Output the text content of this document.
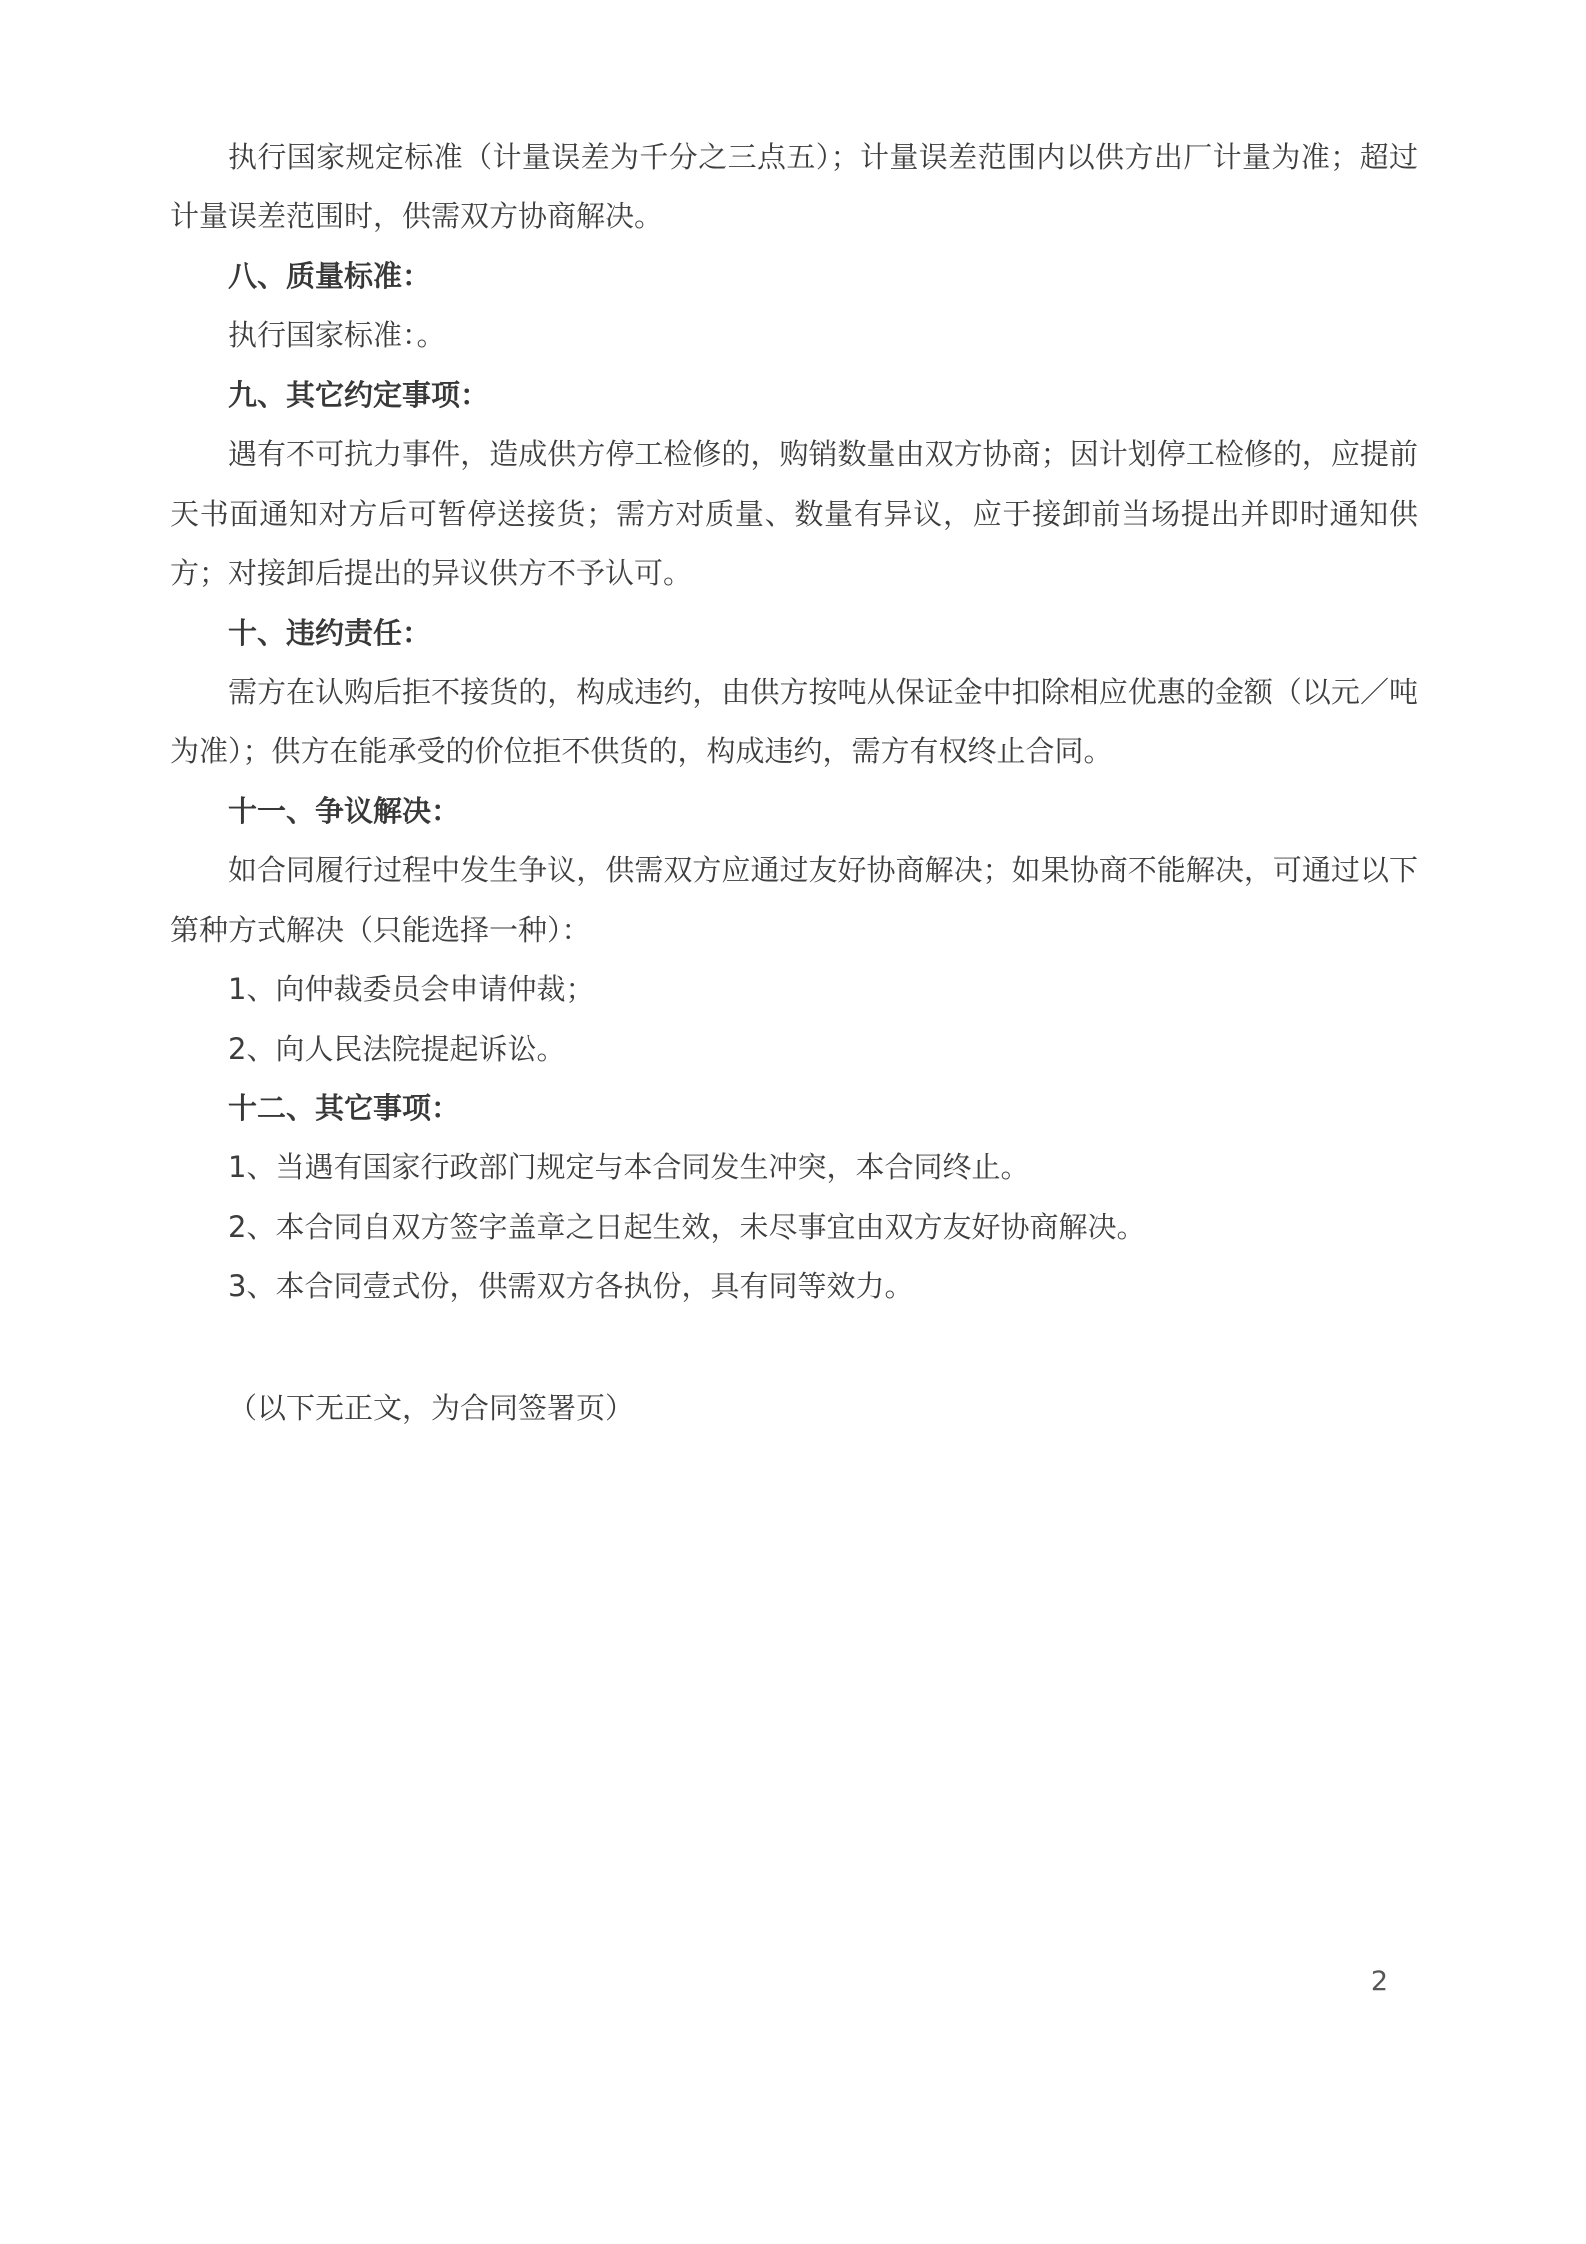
执行国家规定标准（计量误差为千分之三点五）；计量误差范围内以供方出厂计量为准；超过计量误差范围时，供需双方协商解决。

八、质量标准：

执行国家标准：。

九、其它约定事项：

遇有不可抗力事件，造成供方停工检修的，购销数量由双方协商；因计划停工检修的，应提前天书面通知对方后可暂停送接货；需方对质量、数量有异议，应于接卸前当场提出并即时通知供方；对接卸后提出的异议供方不予认可。

十、违约责任：

需方在认购后拒不接货的，构成违约，由供方按吨从保证金中扣除相应优惠的金额（以元／吨为准）；供方在能承受的价位拒不供货的，构成违约，需方有权终止合同。

十一、争议解决：

如合同履行过程中发生争议，供需双方应通过友好协商解决；如果协商不能解决，可通过以下第种方式解决（只能选择一种）：

1、向仲裁委员会申请仲裁；

2、向人民法院提起诉讼。

十二、其它事项：

1、当遇有国家行政部门规定与本合同发生冲突，本合同终止。

2、本合同自双方签字盖章之日起生效，未尽事宜由双方友好协商解决。

3、本合同壹式份，供需双方各执份，具有同等效力。

（以下无正文，为合同签署页）

2
